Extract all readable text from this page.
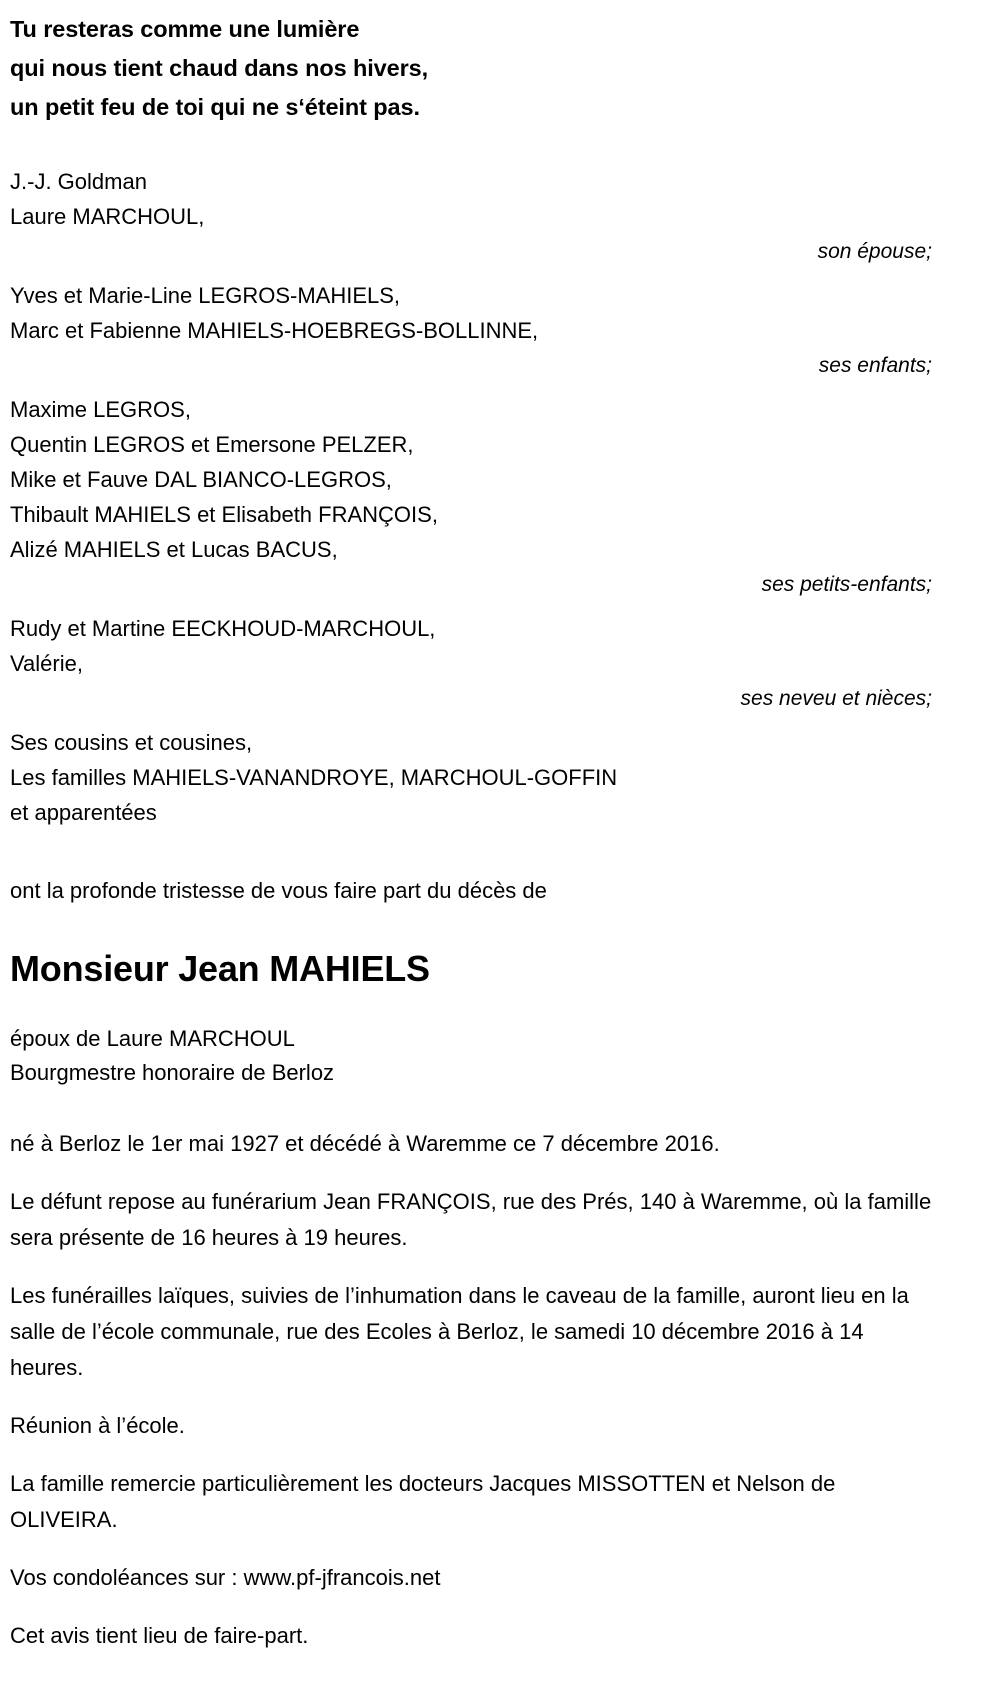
Tu resteras comme une lumière
qui nous tient chaud dans nos hivers,
un petit feu de toi qui ne s‘éteint pas.
J.-J. Goldman
Laure MARCHOUL,
son épouse;
Yves et Marie-Line LEGROS-MAHIELS,
Marc et Fabienne MAHIELS-HOEBREGS-BOLLINNE,
ses enfants;
Maxime LEGROS,
Quentin LEGROS et Emersone PELZER,
Mike et Fauve DAL BIANCO-LEGROS,
Thibault MAHIELS et Elisabeth FRANÇOIS,
Alizé MAHIELS et Lucas BACUS,
ses petits-enfants;
Rudy et Martine EECKHOUD-MARCHOUL,
Valérie,
ses neveu et nièces;
Ses cousins et cousines,
Les familles MAHIELS-VANANDROYE, MARCHOUL-GOFFIN
et apparentées
ont la profonde tristesse de vous faire part du décès de
Monsieur Jean MAHIELS
époux de Laure MARCHOUL
Bourgmestre honoraire de Berloz

né à Berloz le 1er mai 1927 et décédé à Waremme ce 7 décembre 2016.

Le défunt repose au funérarium Jean FRANÇOIS, rue des Prés, 140 à Waremme, où la famille sera présente de 16 heures à 19 heures.

Les funérailles laïques, suivies de l’inhumation dans le caveau de la famille, auront lieu en la salle de l’école communale, rue des Ecoles à Berloz, le samedi 10 décembre 2016 à 14 heures.

Réunion à l’école.

La famille remercie particulièrement les docteurs Jacques MISSOTTEN et Nelson de OLIVEIRA.

Vos condoléances sur : www.pf-jfrancois.net

Cet avis tient lieu de faire-part.
